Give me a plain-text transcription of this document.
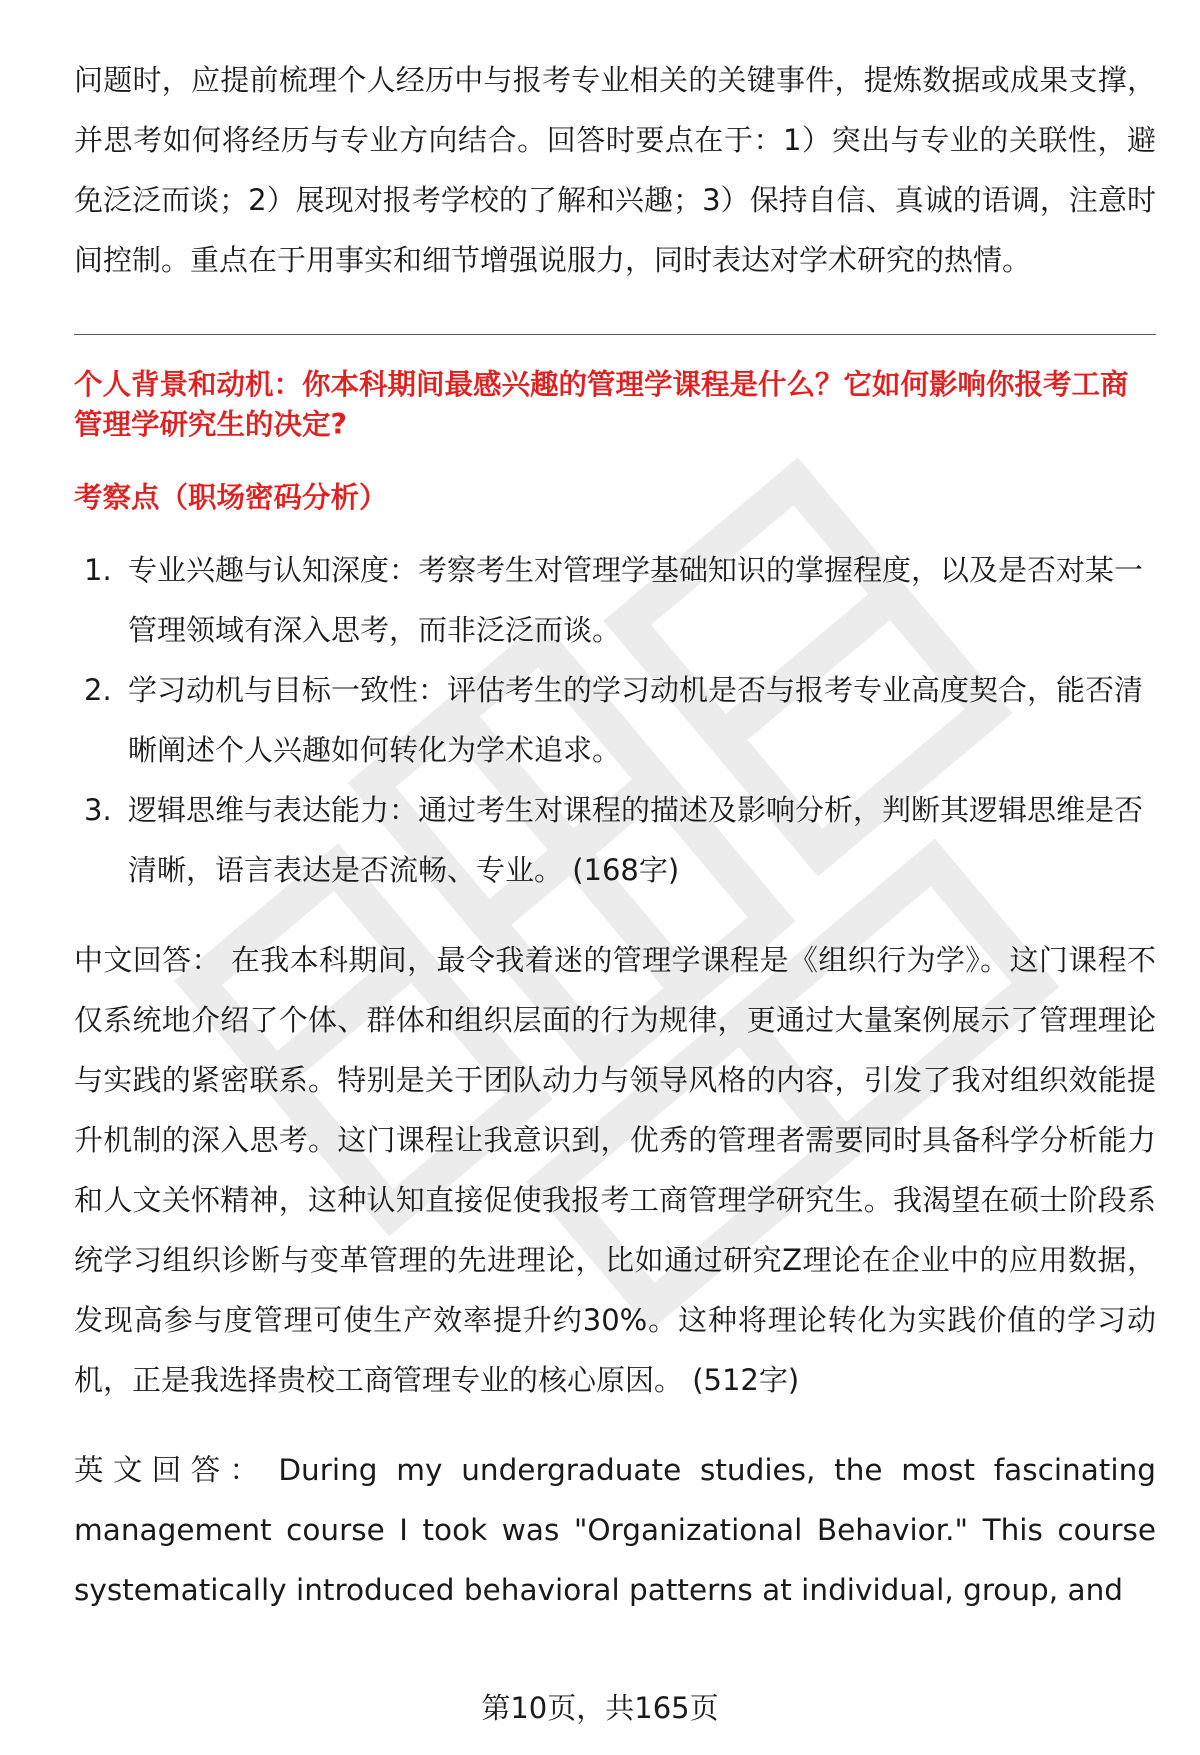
问题时，应提前梳理个人经历中与报考专业相关的关键事件，提炼数据或成果支撑，并思考如何将经历与专业方向结合。回答时要点在于：1）突出与专业的关联性，避免泛泛而谈；2）展现对报考学校的了解和兴趣；3）保持自信、真诚的语调，注意时间控制。重点在于用事实和细节增强说服力，同时表达对学术研究的热情。

个人背景和动机：你本科期间最感兴趣的管理学课程是什么？它如何影响你报考工商管理学研究生的决定?

考察点（职场密码分析）

1. 专业兴趣与认知深度：考察考生对管理学基础知识的掌握程度，以及是否对某一管理领域有深入思考，而非泛泛而谈。
2. 学习动机与目标一致性：评估考生的学习动机是否与报考专业高度契合，能否清晰阐述个人兴趣如何转化为学术追求。
3. 逻辑思维与表达能力：通过考生对课程的描述及影响分析，判断其逻辑思维是否清晰，语言表达是否流畅、专业。 (168字)

中文回答： 在我本科期间，最令我着迷的管理学课程是《组织行为学》。这门课程不仅系统地介绍了个体、群体和组织层面的行为规律，更通过大量案例展示了管理理论与实践的紧密联系。特别是关于团队动力与领导风格的内容，引发了我对组织效能提升机制的深入思考。这门课程让我意识到，优秀的管理者需要同时具备科学分析能力和人文关怀精神，这种认知直接促使我报考工商管理学研究生。我渴望在硕士阶段系统学习组织诊断与变革管理的先进理论，比如通过研究Z理论在企业中的应用数据，发现高参与度管理可使生产效率提升约30%。这种将理论转化为实践价值的学习动机，正是我选择贵校工商管理专业的核心原因。 (512字)

英文回答： During my undergraduate studies, the most fascinating management course I took was "Organizational Behavior." This course systematically introduced behavioral patterns at individual, group, and

第10页，共165页
